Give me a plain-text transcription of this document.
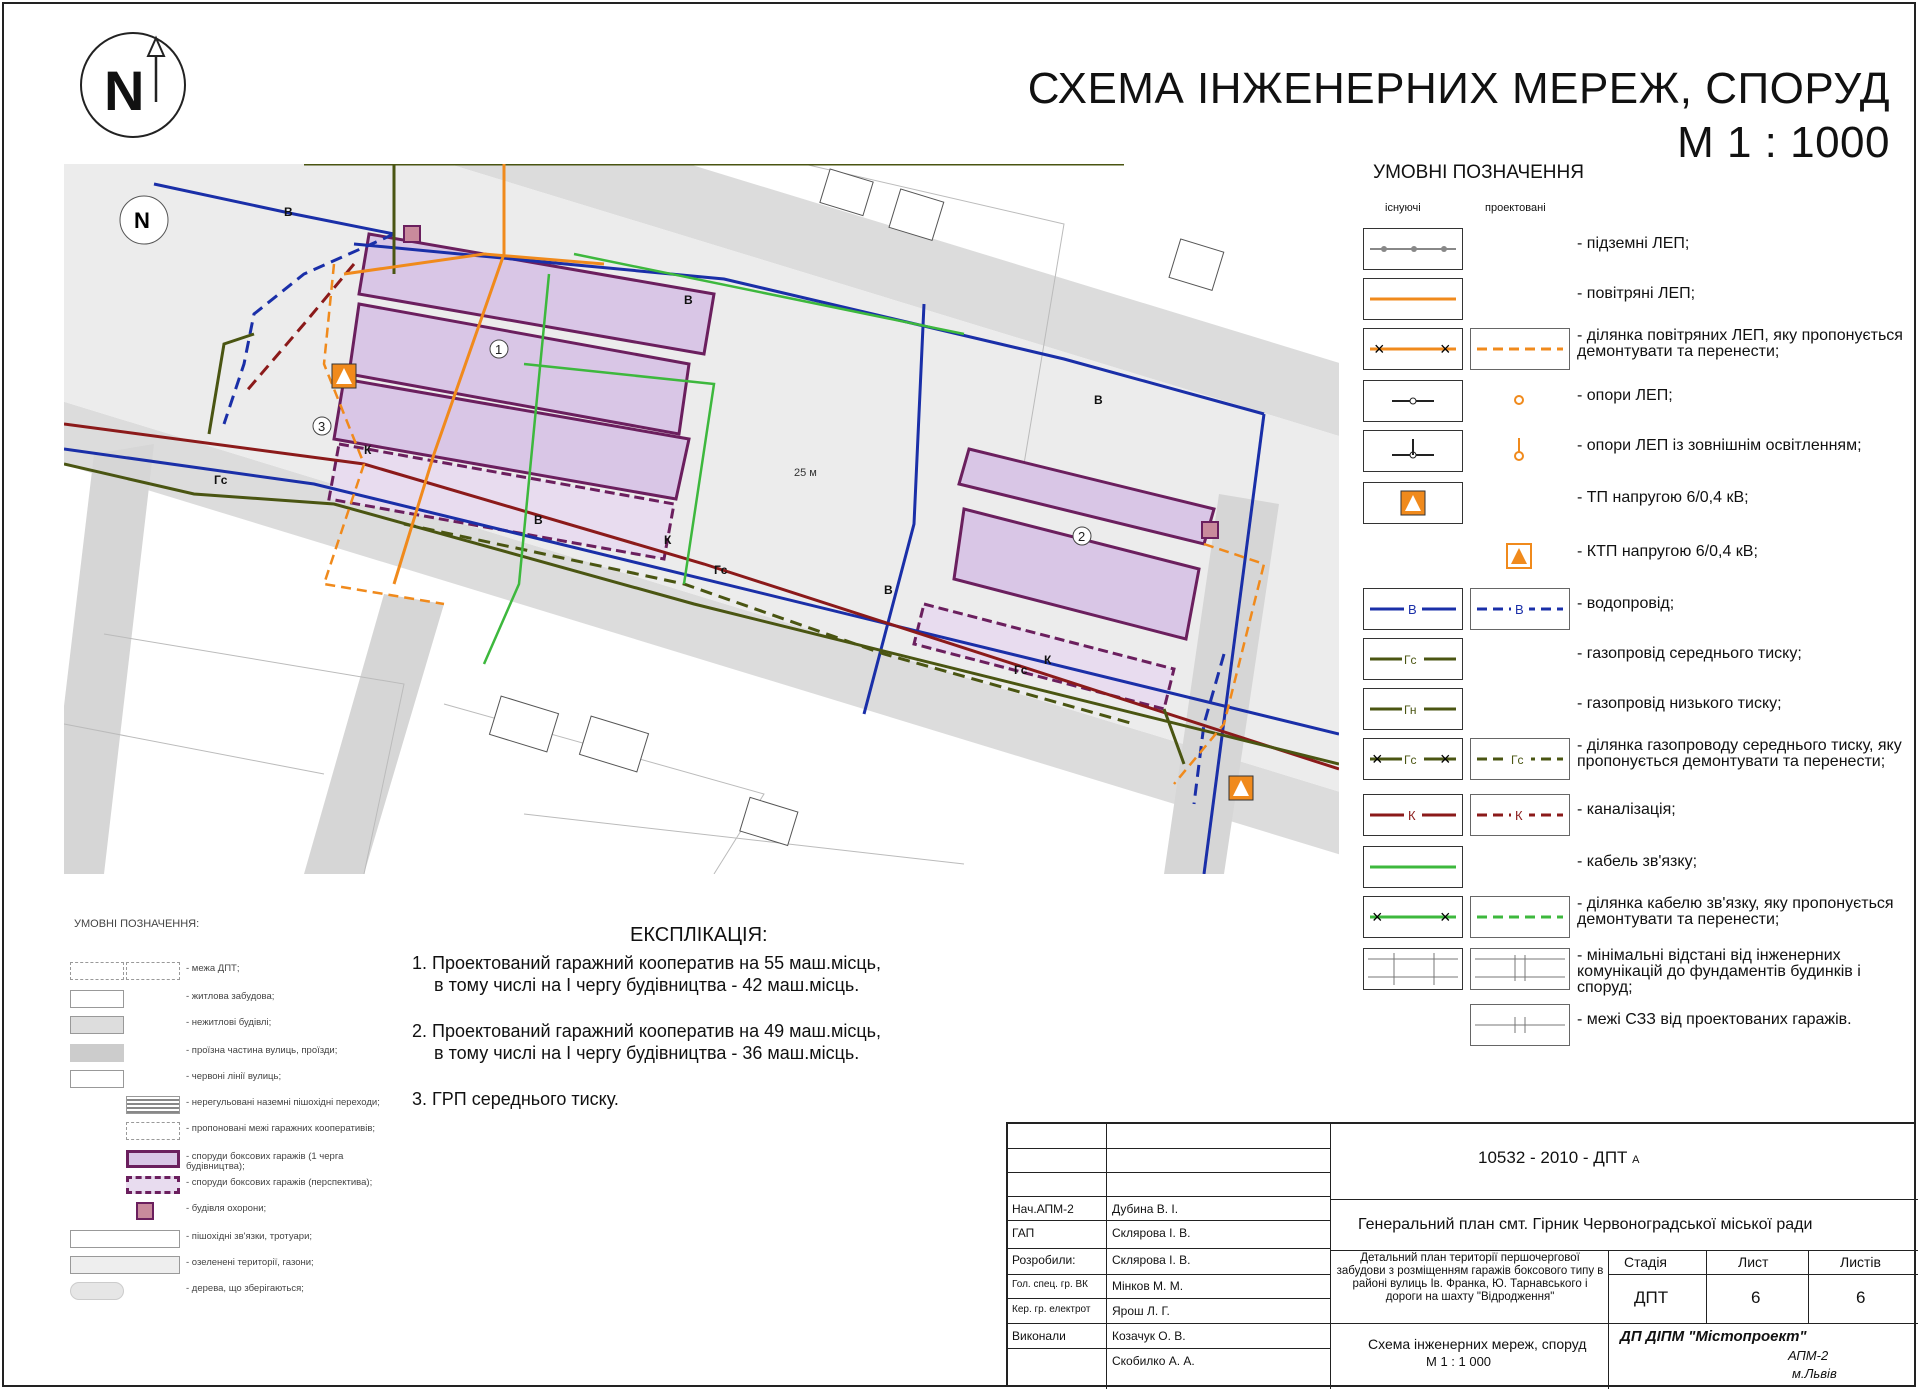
N	СХЕМА ІНЖЕНЕРНИХ МЕРЕЖ, СПОРУД
М 1 : 1000
1
2
3
25 м
N	В
В
В
В
В
К
К
К
Гс
Гс
Гс
УМОВНІ ПОЗНАЧЕННЯ
існуючі	проектовані
- підземні ЛЕП;
- повітряні ЛЕП;
×	×
- ділянка повітряних ЛЕП, яку пропонується демонтувати та перенести;
- опори ЛЕП;
- опори ЛЕП із зовнішнім освітленням;
- ТП напругою 6/0,4 кВ;
- КТП напругою 6/0,4 кВ;
В	В	- водопровід;
Гс	- газопровід середнього тиску;
Гн	- газопровід низького тиску;
× Гс ×	Гс
- ділянка газопроводу середнього тиску, яку пропонується демонтувати та перенести;
К	К	- каналізація;
- кабель зв'язку;
×	×
- ділянка кабелю зв'язку, яку пропонується демонтувати та перенести;
- мінімальні відстані від інженерних комунікацій до фундаментів будинків і споруд;
- межі СЗЗ від проектованих гаражів.
УМОВНІ ПОЗНАЧЕННЯ:
- межа ДПТ;
- житлова забудова;
- нежитлові будівлі;
- проїзна частина вулиць, проїзди;
- червоні лінії вулиць;
- нерегульовані наземні пішохідні переходи;
- пропоновані межі гаражних кооперативів;
- споруди боксових гаражів (1 черга будівництва);
- споруди боксових гаражів (перспектива);
- будівля охорони;
- пішохідні зв'язки, тротуари;
- озеленені території, газони;
- дерева, що зберігаються;
ЕКСПЛІКАЦІЯ:
1. Проектований гаражний кооператив на 55 маш.місць,
в тому числі на І чергу будівництва - 42 маш.місць.
2. Проектований гаражний кооператив на 49 маш.місць,
в тому числі на І чергу будівництва - 36 маш.місць.
3. ГРП середнього тиску.
10532 - 2010 - ДПТ А
Генеральний план смт. Гірник Червоноградської міської ради
Детальний план території першочергової забудови з розміщенням гаражів боксового типу в районі вулиць Ів. Франка, Ю. Тарнавського і дороги на шахту "Відродження"
Стадія	Лист	Листів
ДПТ	6	6
Схема інженерних мереж, споруд
М 1 : 1 000
ДП ДІПМ "Містопроект"
АПМ-2
м.Львів
Нач.АПМ-2	Дубина В. І.
ГАП	Склярова І. В.
Розробили:	Склярова І. В.
Гол. спец. гр. ВК Мінков М. М.
Кер. гр. електрот Ярош Л. Г.
Виконали	Козачук О. В.
Скобилко А. А.
